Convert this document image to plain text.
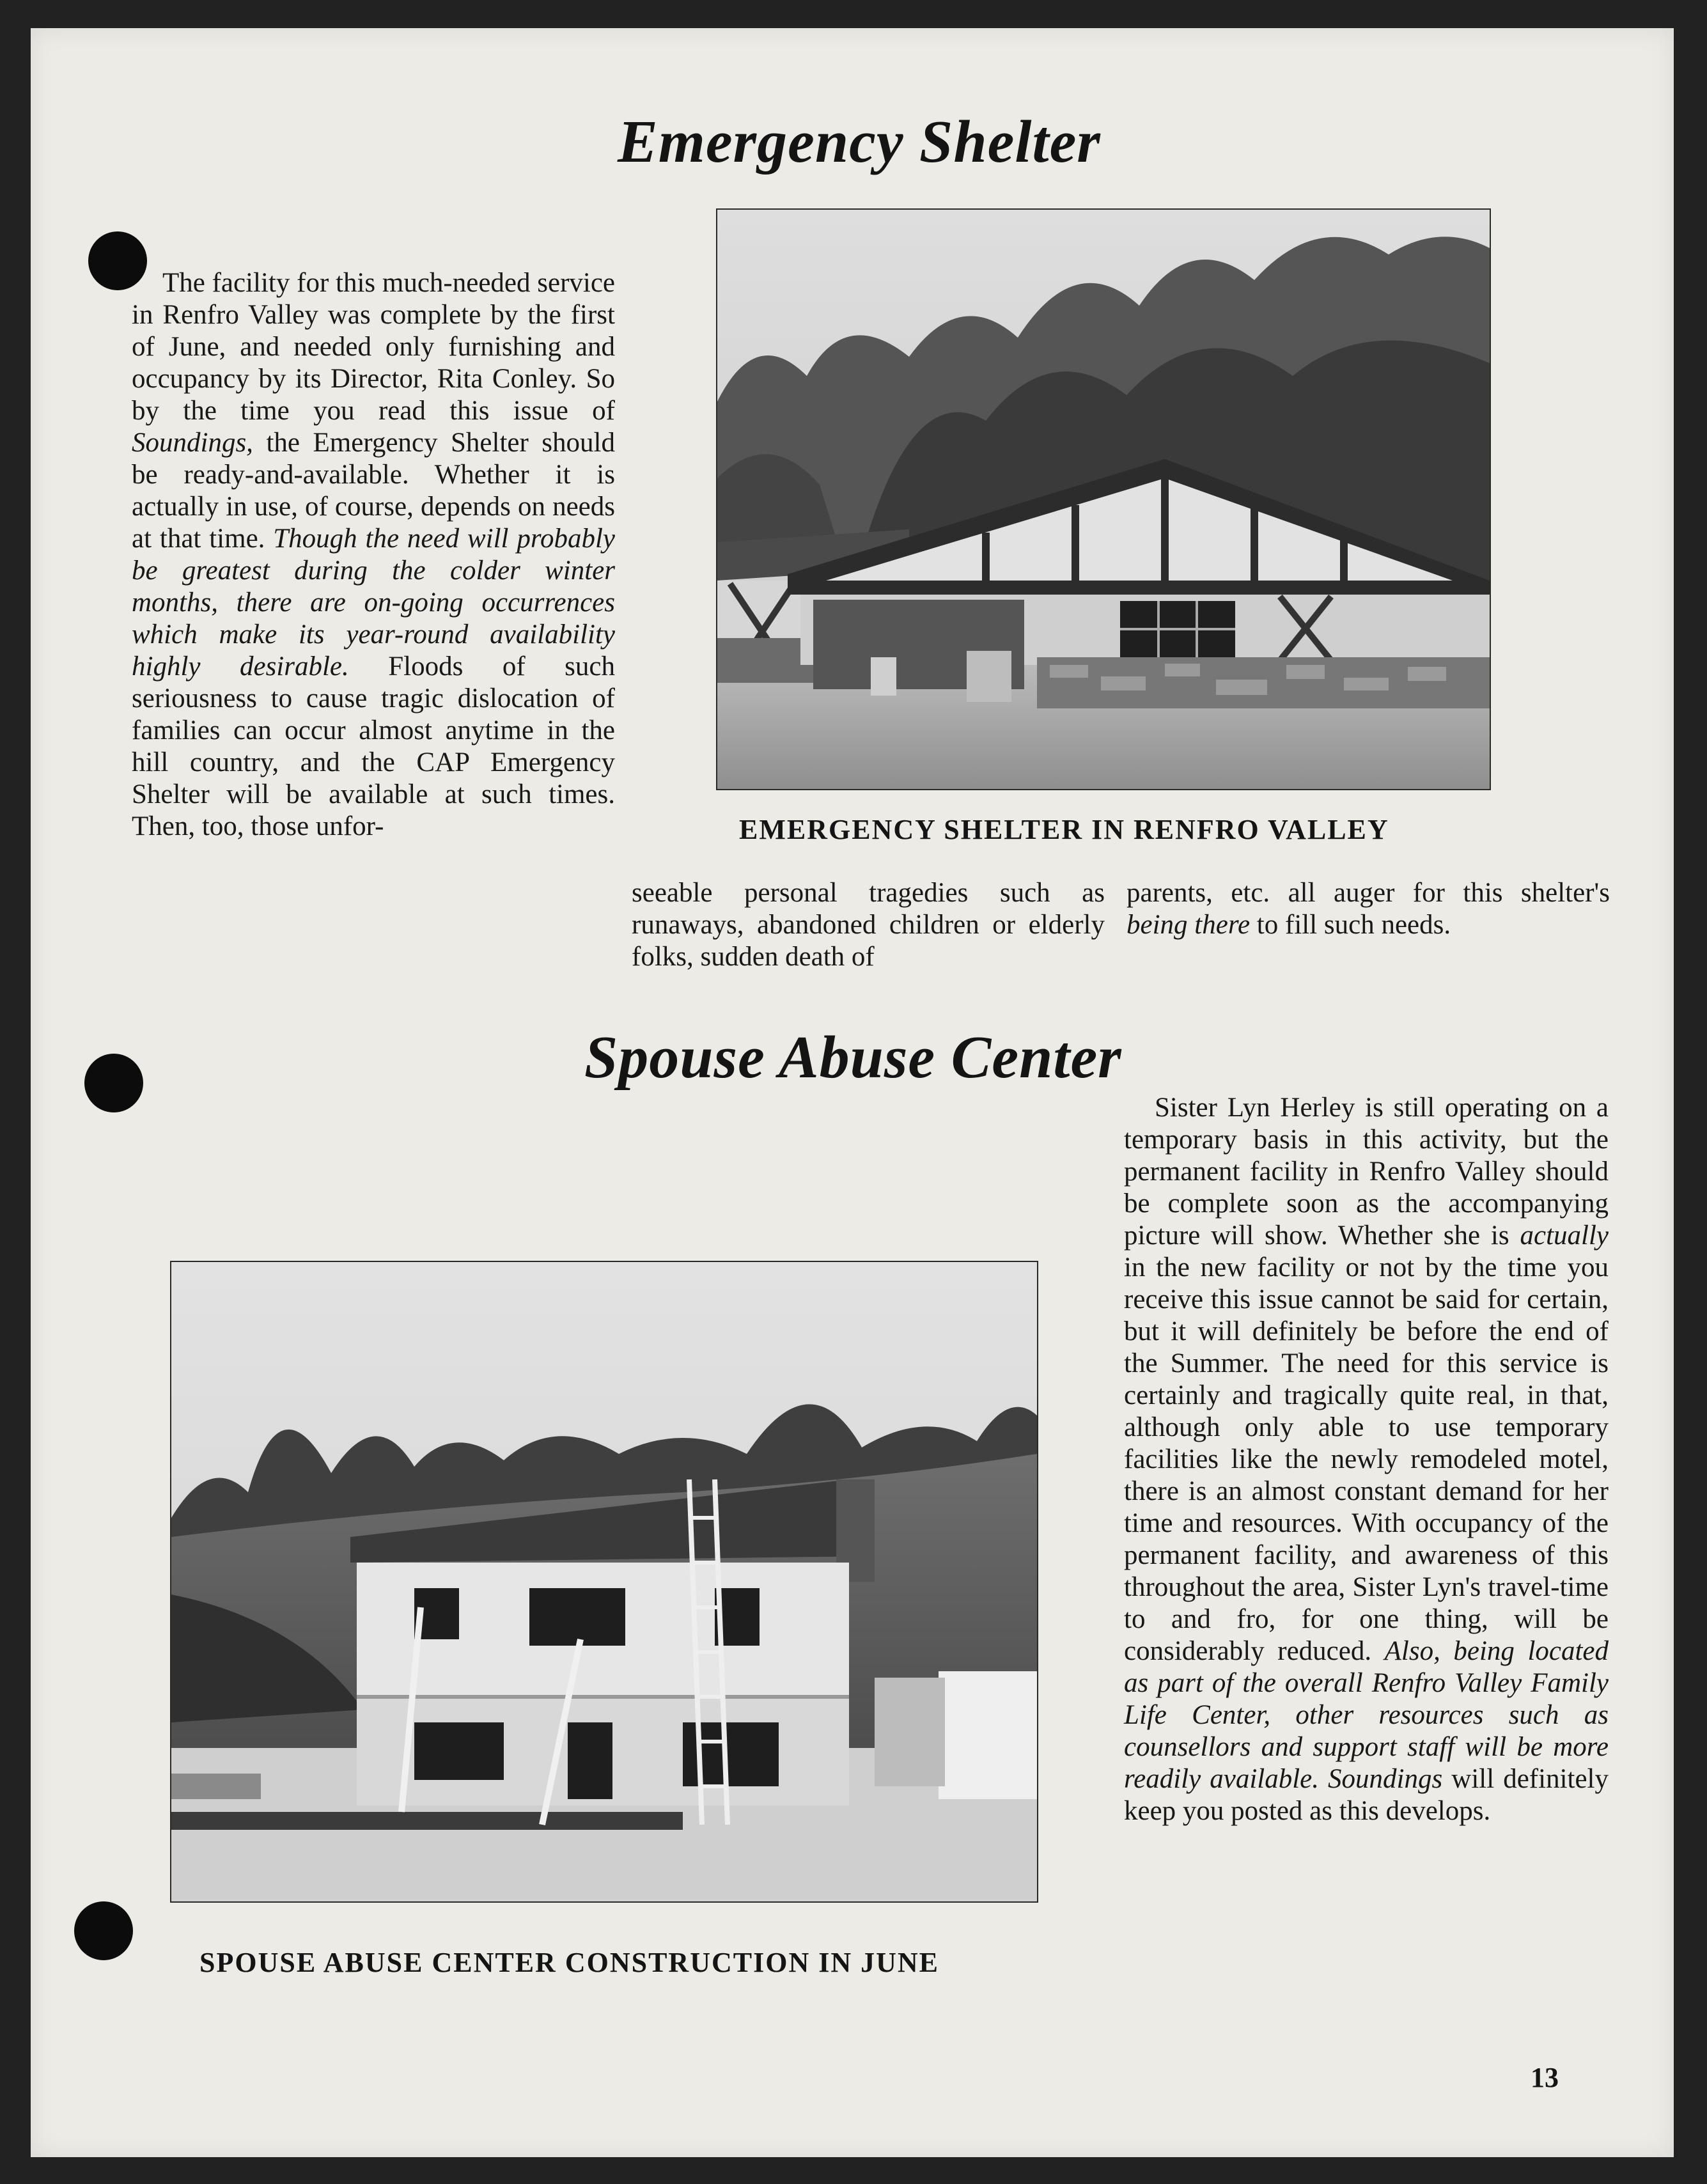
Emergency Shelter
EMERGENCY SHELTER IN RENFRO VALLEY

The facility for this much-needed service in Renfro Valley was complete by the first of June, and needed only furnishing and occupancy by its Director, Rita Conley. So by the time you read this issue of Soundings, the Emergency Shelter should be ready-and-available. Whether it is actually in use, of course, depends on needs at that time. Though the need will probably be greatest during the colder winter months, there are on-going occurrences which make its year-round availability highly desirable. Floods of such seriousness to cause tragic dislocation of families can occur almost anytime in the hill country, and the CAP Emergency Shelter will be available at such times. Then, too, those unfor-

seeable personal tragedies such as runaways, abandoned children or elderly folks, sudden death of

parents, etc. all auger for this shelter's being there to fill such needs.

Spouse Abuse Center
SPOUSE ABUSE CENTER CONSTRUCTION IN JUNE

Sister Lyn Herley is still operating on a temporary basis in this activity, but the permanent facility in Renfro Valley should be complete soon as the accompanying picture will show. Whether she is actually in the new facility or not by the time you receive this issue cannot be said for certain, but it will definitely be before the end of the Summer. The need for this service is certainly and tragically quite real, in that, although only able to use temporary facilities like the newly remodeled motel, there is an almost constant demand for her time and resources. With occupancy of the permanent facility, and awareness of this throughout the area, Sister Lyn's travel-time to and fro, for one thing, will be considerably reduced. Also, being located as part of the overall Renfro Valley Family Life Center, other resources such as counsellors and support staff will be more readily available. Soundings will definitely keep you posted as this develops.

13
